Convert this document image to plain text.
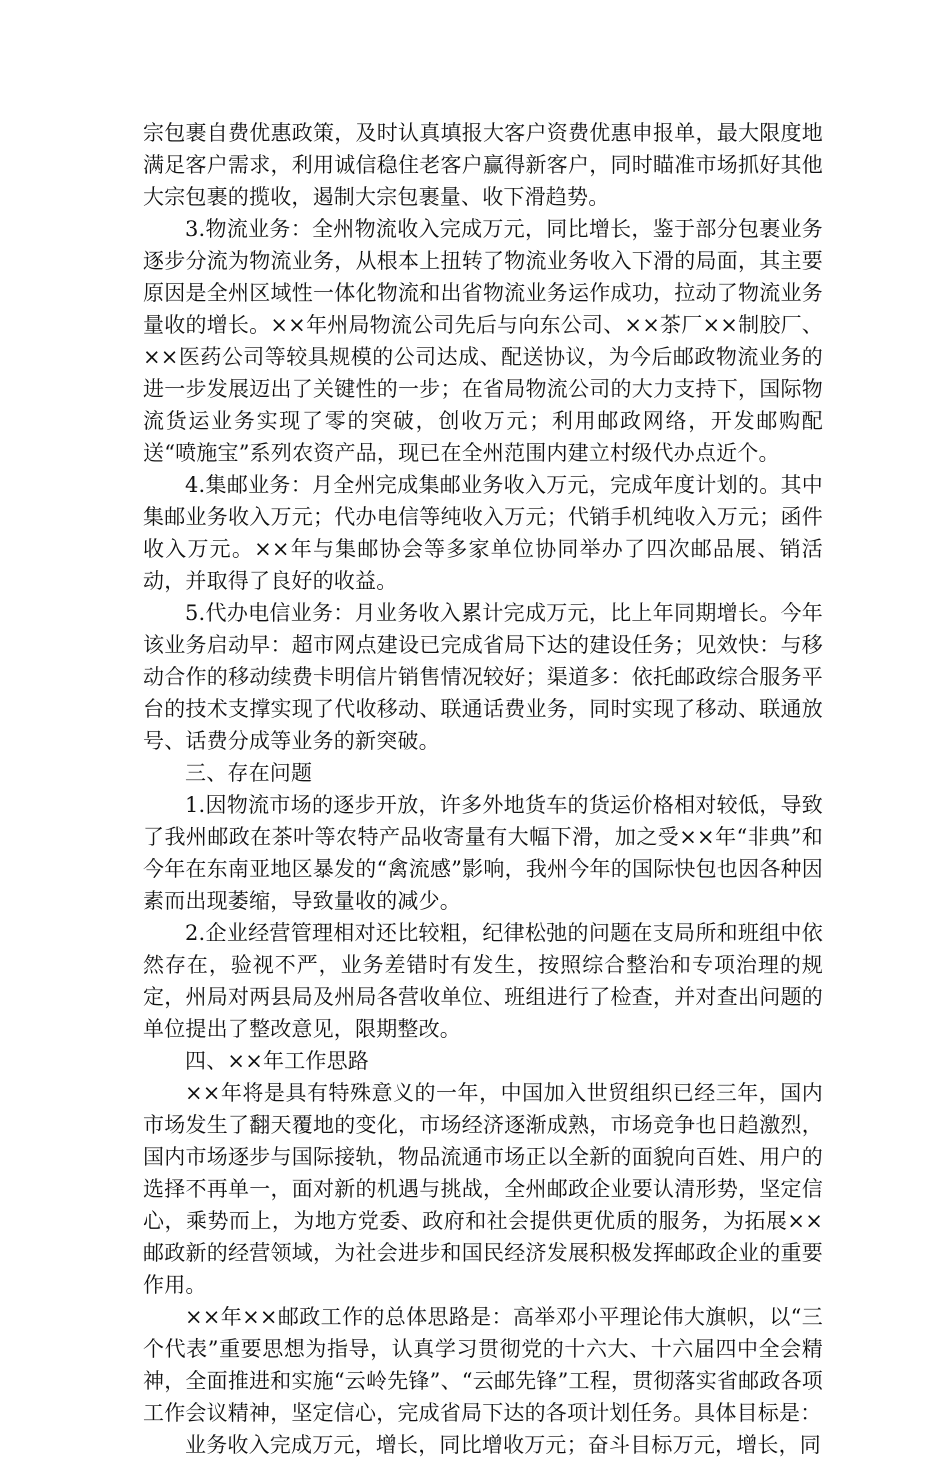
宗包裹自费优惠政策，及时认真填报大客户资费优惠申报单，最大限度地满足客户需求，利用诚信稳住老客户赢得新客户，同时瞄准市场抓好其他大宗包裹的揽收，遏制大宗包裹量、收下滑趋势。

3.物流业务：全州物流收入完成万元，同比增长，鉴于部分包裹业务逐步分流为物流业务，从根本上扭转了物流业务收入下滑的局面，其主要原因是全州区域性一体化物流和出省物流业务运作成功，拉动了物流业务量收的增长。××年州局物流公司先后与向东公司、××茶厂××制胶厂、××医药公司等较具规模的公司达成、配送协议，为今后邮政物流业务的进一步发展迈出了关键性的一步；在省局物流公司的大力支持下，国际物流货运业务实现了零的突破，创收万元；利用邮政网络，开发邮购配送“喷施宝”系列农资产品，现已在全州范围内建立村级代办点近个。

4.集邮业务：月全州完成集邮业务收入万元，完成年度计划的。其中集邮业务收入万元；代办电信等纯收入万元；代销手机纯收入万元；函件收入万元。××年与集邮协会等多家单位协同举办了四次邮品展、销活动，并取得了良好的收益。

5.代办电信业务：月业务收入累计完成万元，比上年同期增长。今年该业务启动早：超市网点建设已完成省局下达的建设任务；见效快：与移动合作的移动续费卡明信片销售情况较好；渠道多：依托邮政综合服务平台的技术支撑实现了代收移动、联通话费业务，同时实现了移动、联通放号、话费分成等业务的新突破。

三、存在问题

1.因物流市场的逐步开放，许多外地货车的货运价格相对较低，导致了我州邮政在茶叶等农特产品收寄量有大幅下滑，加之受××年“非典”和今年在东南亚地区暴发的“禽流感”影响，我州今年的国际快包也因各种因素而出现萎缩，导致量收的减少。

2.企业经营管理相对还比较粗，纪律松弛的问题在支局所和班组中依然存在，验视不严，业务差错时有发生，按照综合整治和专项治理的规定，州局对两县局及州局各营收单位、班组进行了检查，并对查出问题的单位提出了整改意见，限期整改。

四、××年工作思路

××年将是具有特殊意义的一年，中国加入世贸组织已经三年，国内市场发生了翻天覆地的变化，市场经济逐渐成熟，市场竞争也日趋激烈，国内市场逐步与国际接轨，物品流通市场正以全新的面貌向百姓、用户的选择不再单一，面对新的机遇与挑战，全州邮政企业要认清形势，坚定信心，乘势而上，为地方党委、政府和社会提供更优质的服务，为拓展××邮政新的经营领域，为社会进步和国民经济发展积极发挥邮政企业的重要作用。

××年××邮政工作的总体思路是：高举邓小平理论伟大旗帜，以“三个代表”重要思想为指导，认真学习贯彻党的十六大、十六届四中全会精神，全面推进和实施“云岭先锋”、“云邮先锋”工程，贯彻落实省邮政各项工作会议精神，坚定信心，完成省局下达的各项计划任务。具体目标是：

业务收入完成万元，增长，同比增收万元；奋斗目标万元，增长，同
